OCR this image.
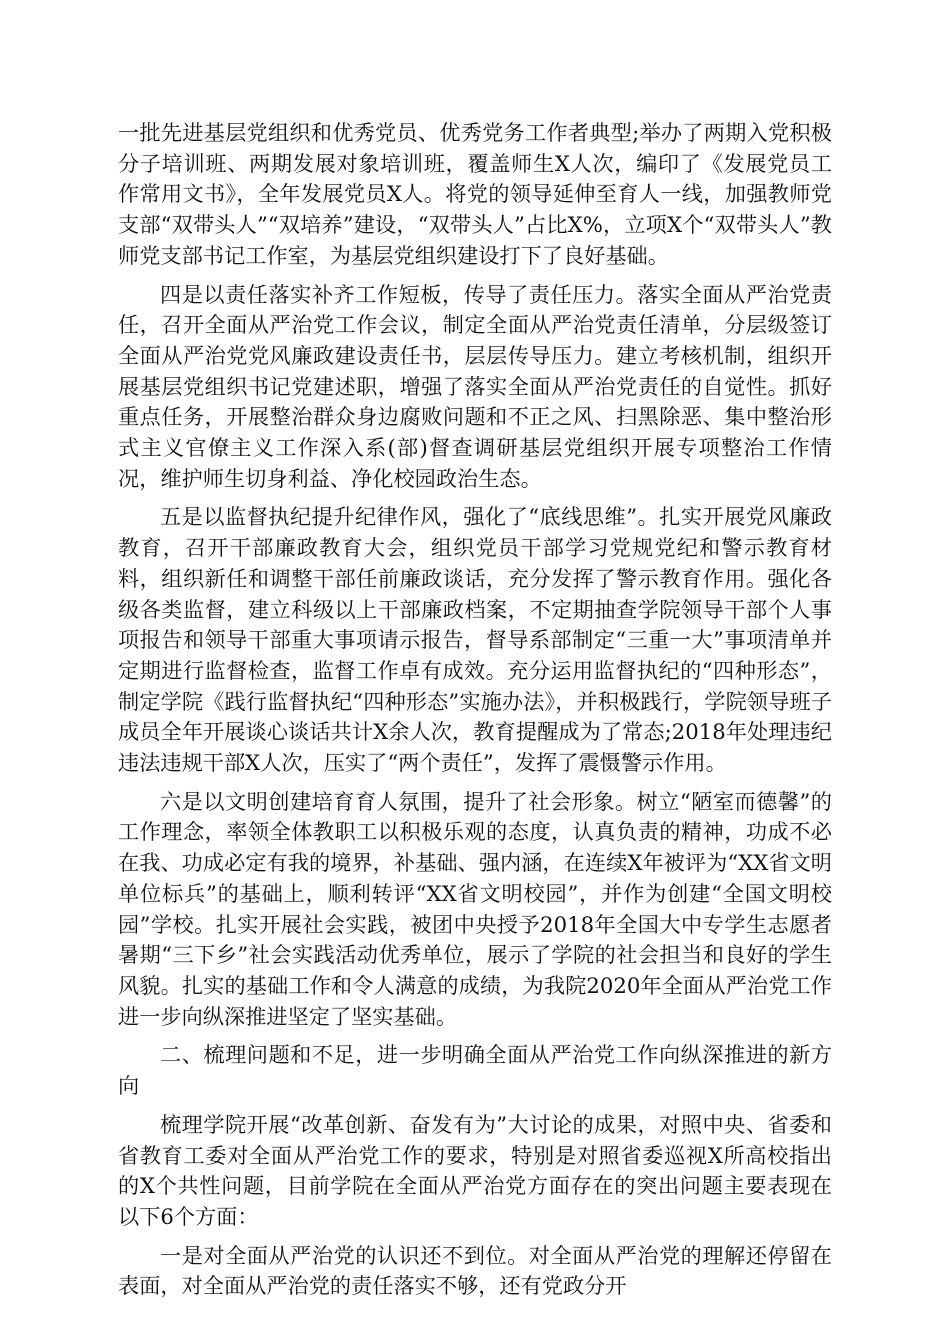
一批先进基层党组织和优秀党员、优秀党务工作者典型;举办了两期入党积极分子培训班、两期发展对象培训班，覆盖师生X人次，编印了《发展党员工作常用文书》，全年发展党员X人。将党的领导延伸至育人一线，加强教师党支部“双带头人”“双培养”建设，“双带头人”占比X%，立项X个“双带头人”教师党支部书记工作室，为基层党组织建设打下了良好基础。

四是以责任落实补齐工作短板，传导了责任压力。落实全面从严治党责任，召开全面从严治党工作会议，制定全面从严治党责任清单，分层级签订全面从严治党党风廉政建设责任书，层层传导压力。建立考核机制，组织开展基层党组织书记党建述职，增强了落实全面从严治党责任的自觉性。抓好重点任务，开展整治群众身边腐败问题和不正之风、扫黑除恶、集中整治形式主义官僚主义工作深入系(部)督查调研基层党组织开展专项整治工作情况，维护师生切身利益、净化校园政治生态。

五是以监督执纪提升纪律作风，强化了“底线思维”。扎实开展党风廉政教育，召开干部廉政教育大会，组织党员干部学习党规党纪和警示教育材料，组织新任和调整干部任前廉政谈话，充分发挥了警示教育作用。强化各级各类监督，建立科级以上干部廉政档案，不定期抽查学院领导干部个人事项报告和领导干部重大事项请示报告，督导系部制定“三重一大”事项清单并定期进行监督检查，监督工作卓有成效。充分运用监督执纪的“四种形态”，制定学院《践行监督执纪“四种形态”实施办法》，并积极践行，学院领导班子成员全年开展谈心谈话共计X余人次，教育提醒成为了常态;2018年处理违纪违法违规干部X人次，压实了“两个责任”，发挥了震慑警示作用。

六是以文明创建培育育人氛围，提升了社会形象。树立“陋室而德馨”的工作理念，率领全体教职工以积极乐观的态度，认真负责的精神，功成不必在我、功成必定有我的境界，补基础、强内涵，在连续X年被评为“XX省文明单位标兵”的基础上，顺利转评“XX省文明校园”，并作为创建“全国文明校园”学校。扎实开展社会实践，被团中央授予2018年全国大中专学生志愿者暑期“三下乡”社会实践活动优秀单位，展示了学院的社会担当和良好的学生风貌。扎实的基础工作和令人满意的成绩，为我院2020年全面从严治党工作进一步向纵深推进坚定了坚实基础。

二、梳理问题和不足，进一步明确全面从严治党工作向纵深推进的新方向

梳理学院开展“改革创新、奋发有为”大讨论的成果，对照中央、省委和省教育工委对全面从严治党工作的要求，特别是对照省委巡视X所高校指出的X个共性问题，目前学院在全面从严治党方面存在的突出问题主要表现在以下6个方面：

一是对全面从严治党的认识还不到位。对全面从严治党的理解还停留在表面，对全面从严治党的责任落实不够，还有党政分开
